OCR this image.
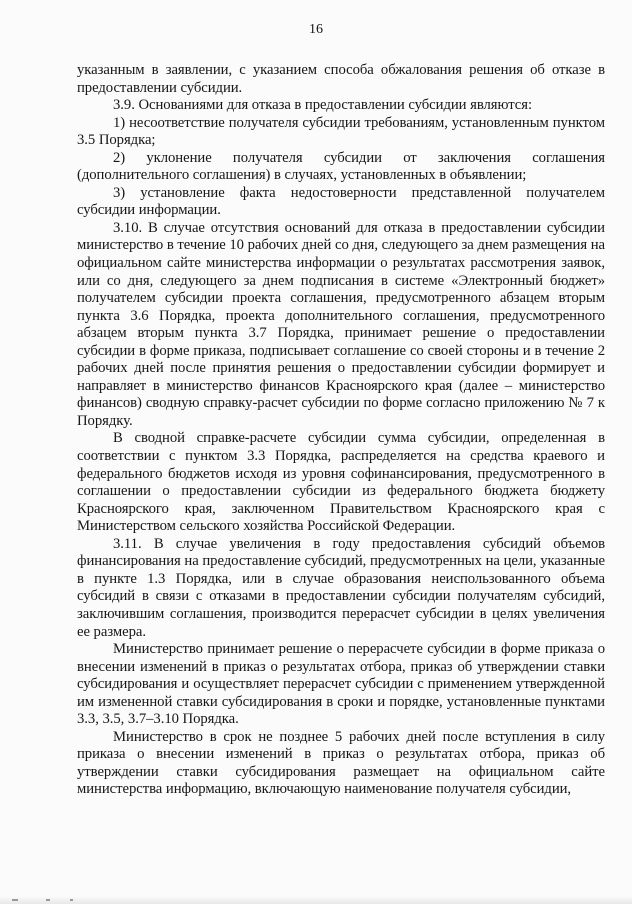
16

указанным в заявлении, с указанием способа обжалования решения об отказе в предоставлении субсидии.

3.9. Основаниями для отказа в предоставлении субсидии являются:

1) несоответствие получателя субсидии требованиям, установленным пунктом 3.5 Порядка;

2) уклонение получателя субсидии от заключения соглашения (дополнительного соглашения) в случаях, установленных в объявлении;

3) установление факта недостоверности представленной получателем субсидии информации.

3.10. В случае отсутствия оснований для отказа в предоставлении субсидии министерство в течение 10 рабочих дней со дня, следующего за днем размещения на официальном сайте министерства информации о результатах рассмотрения заявок, или со дня, следующего за днем подписания в системе «Электронный бюджет» получателем субсидии проекта соглашения, предусмотренного абзацем вторым пункта 3.6 Порядка, проекта дополнительного соглашения, предусмотренного абзацем вторым пункта 3.7 Порядка, принимает решение о предоставлении субсидии в форме приказа, подписывает соглашение со своей стороны и в течение 2 рабочих дней после принятия решения о предоставлении субсидии формирует и направляет в министерство финансов Красноярского края (далее – министерство финансов) сводную справку-расчет субсидии по форме согласно приложению № 7 к Порядку.

В сводной справке-расчете субсидии сумма субсидии, определенная в соответствии с пунктом 3.3 Порядка, распределяется на средства краевого и федерального бюджетов исходя из уровня софинансирования, предусмотренного в соглашении о предоставлении субсидии из федерального бюджета бюджету Красноярского края, заключенном Правительством Красноярского края с Министерством сельского хозяйства Российской Федерации.

3.11. В случае увеличения в году предоставления субсидий объемов финансирования на предоставление субсидий, предусмотренных на цели, указанные в пункте 1.3 Порядка, или в случае образования неиспользованного объема субсидий в связи с отказами в предоставлении субсидии получателям субсидий, заключившим соглашения, производится перерасчет субсидии в целях увеличения ее размера.

Министерство принимает решение о перерасчете субсидии в форме приказа о внесении изменений в приказ о результатах отбора, приказ об утверждении ставки субсидирования и осуществляет перерасчет субсидии с применением утвержденной им измененной ставки субсидирования в сроки и порядке, установленные пунктами 3.3, 3.5, 3.7–3.10 Порядка.

Министерство в срок не позднее 5 рабочих дней после вступления в силу приказа о внесении изменений в приказ о результатах отбора, приказ об утверждении ставки субсидирования размещает на официальном сайте министерства информацию, включающую наименование получателя субсидии,
